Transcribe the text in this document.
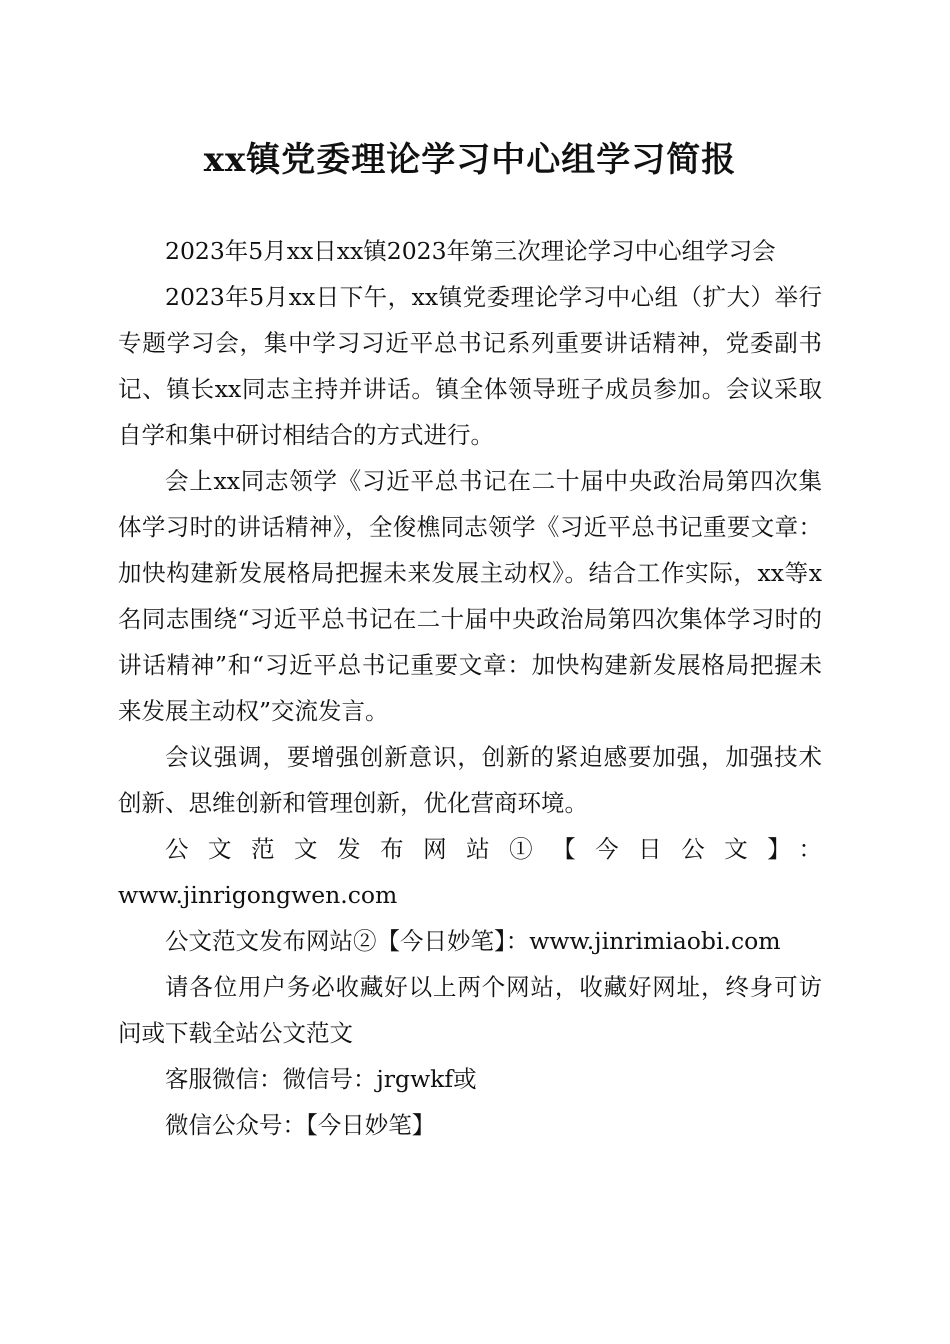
xx镇党委理论学习中心组学习简报

2023年5月xx日xx镇2023年第三次理论学习中心组学习会

2023年5月xx日下午，xx镇党委理论学习中心组（扩大）举行专题学习会，集中学习习近平总书记系列重要讲话精神，党委副书记、镇长xx同志主持并讲话。镇全体领导班子成员参加。会议采取自学和集中研讨相结合的方式进行。

会上xx同志领学《习近平总书记在二十届中央政治局第四次集体学习时的讲话精神》，全俊樵同志领学《习近平总书记重要文章：加快构建新发展格局把握未来发展主动权》。结合工作实际，xx等x名同志围绕“习近平总书记在二十届中央政治局第四次集体学习时的讲话精神”和“习近平总书记重要文章：加快构建新发展格局把握未来发展主动权”交流发言。

会议强调，要增强创新意识，创新的紧迫感要加强，加强技术创新、思维创新和管理创新，优化营商环境。

公文范文发布网站①【今日公文】：

www.jinrigongwen.com

公文范文发布网站②【今日妙笔】：www.jinrimiaobi.com

请各位用户务必收藏好以上两个网站，收藏好网址，终身可访问或下载全站公文范文

客服微信：微信号：jrgwkf或

微信公众号：【今日妙笔】
